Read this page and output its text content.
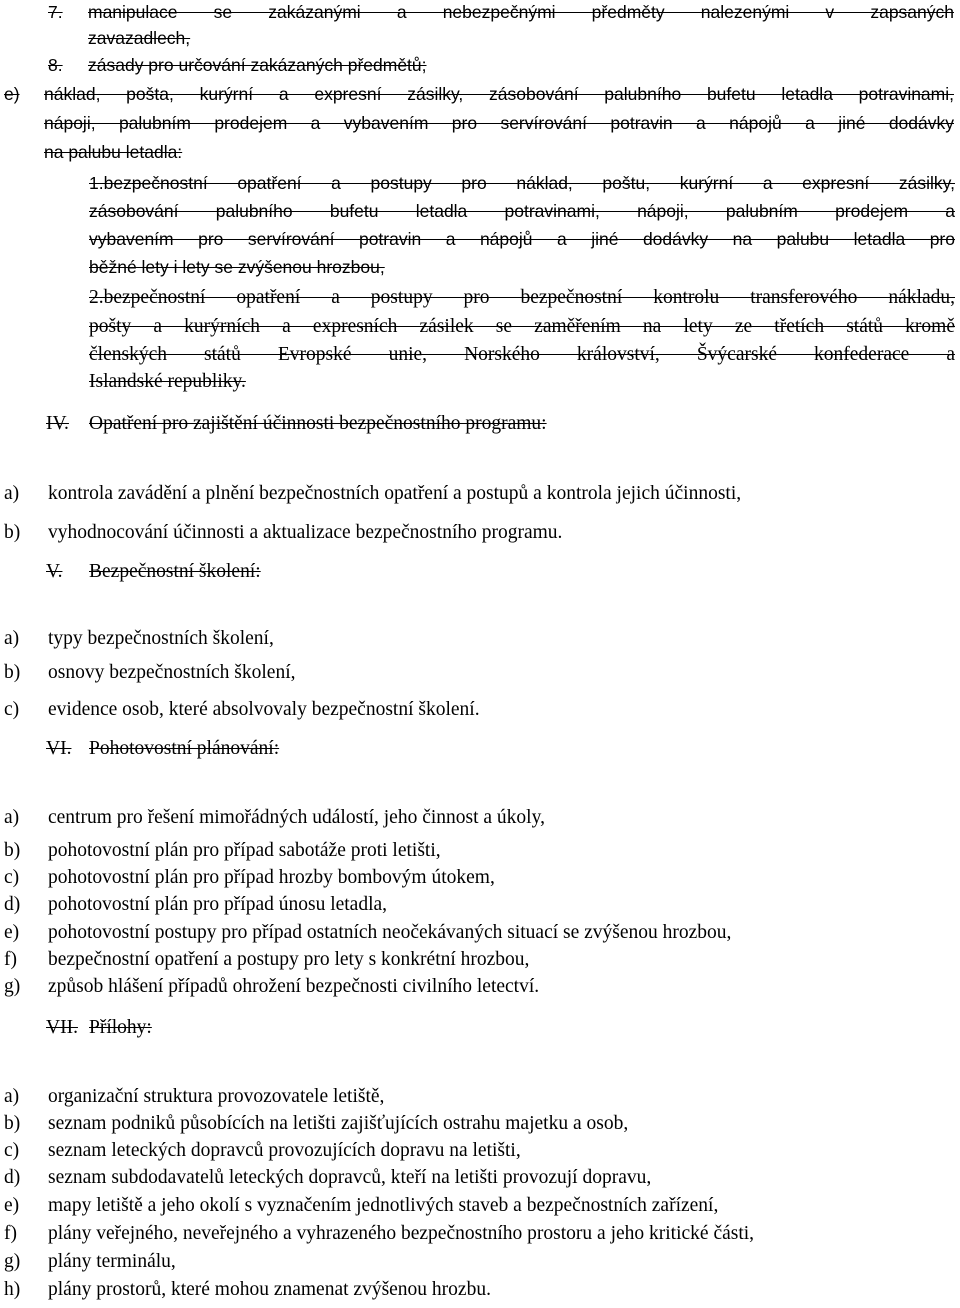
7. manipulace se zakázanými a nebezpečnými předměty nalezenými v zapsaných
zavazadlech,
8. zásady pro určování zakázaných předmětů;
e) náklad, pošta, kurýrní a expresní zásilky, zásobování palubního bufetu letadla potravinami,
nápoji, palubním prodejem a vybavením pro servírování potravin a nápojů a jiné dodávky
na palubu letadla:
1.bezpečnostní opatření a postupy pro náklad, poštu, kurýrní a expresní zásilky,
zásobování palubního bufetu letadla potravinami, nápoji, palubním prodejem a
vybavením pro servírování potravin a nápojů a jiné dodávky na palubu letadla pro
běžné lety i lety se zvýšenou hrozbou,
2.bezpečnostní opatření a postupy pro bezpečnostní kontrolu transferového nákladu,
pošty a kurýrních a expresních zásilek se zaměřením na lety ze třetích států kromě
členských států Evropské unie, Norského království, Švýcarské konfederace a
Islandské republiky.
IV. Opatření pro zajištění účinnosti bezpečnostního programu:
a) kontrola zavádění a plnění bezpečnostních opatření a postupů a kontrola jejich účinnosti,
b) vyhodnocování účinnosti a aktualizace bezpečnostního programu.
V. Bezpečnostní školení:
a) typy bezpečnostních školení,
b) osnovy bezpečnostních školení,
c) evidence osob, které absolvovaly bezpečnostní školení.
VI. Pohotovostní plánování:
a) centrum pro řešení mimořádných událostí, jeho činnost a úkoly,
b) pohotovostní plán pro případ sabotáže proti letišti,
c) pohotovostní plán pro případ hrozby bombovým útokem,
d) pohotovostní plán pro případ únosu letadla,
e) pohotovostní postupy pro případ ostatních neočekávaných situací se zvýšenou hrozbou,
f) bezpečnostní opatření a postupy pro lety s konkrétní hrozbou,
g) způsob hlášení případů ohrožení bezpečnosti civilního letectví.
VII. Přílohy:
a) organizační struktura provozovatele letiště,
b) seznam podniků působících na letišti zajišťujících ostrahu majetku a osob,
c) seznam leteckých dopravců provozujících dopravu na letišti,
d) seznam subdodavatelů leteckých dopravců, kteří na letišti provozují dopravu,
e) mapy letiště a jeho okolí s vyznačením jednotlivých staveb a bezpečnostních zařízení,
f) plány veřejného, neveřejného a vyhrazeného bezpečnostního prostoru a jeho kritické části,
g) plány terminálu,
h) plány prostorů, které mohou znamenat zvýšenou hrozbu.
